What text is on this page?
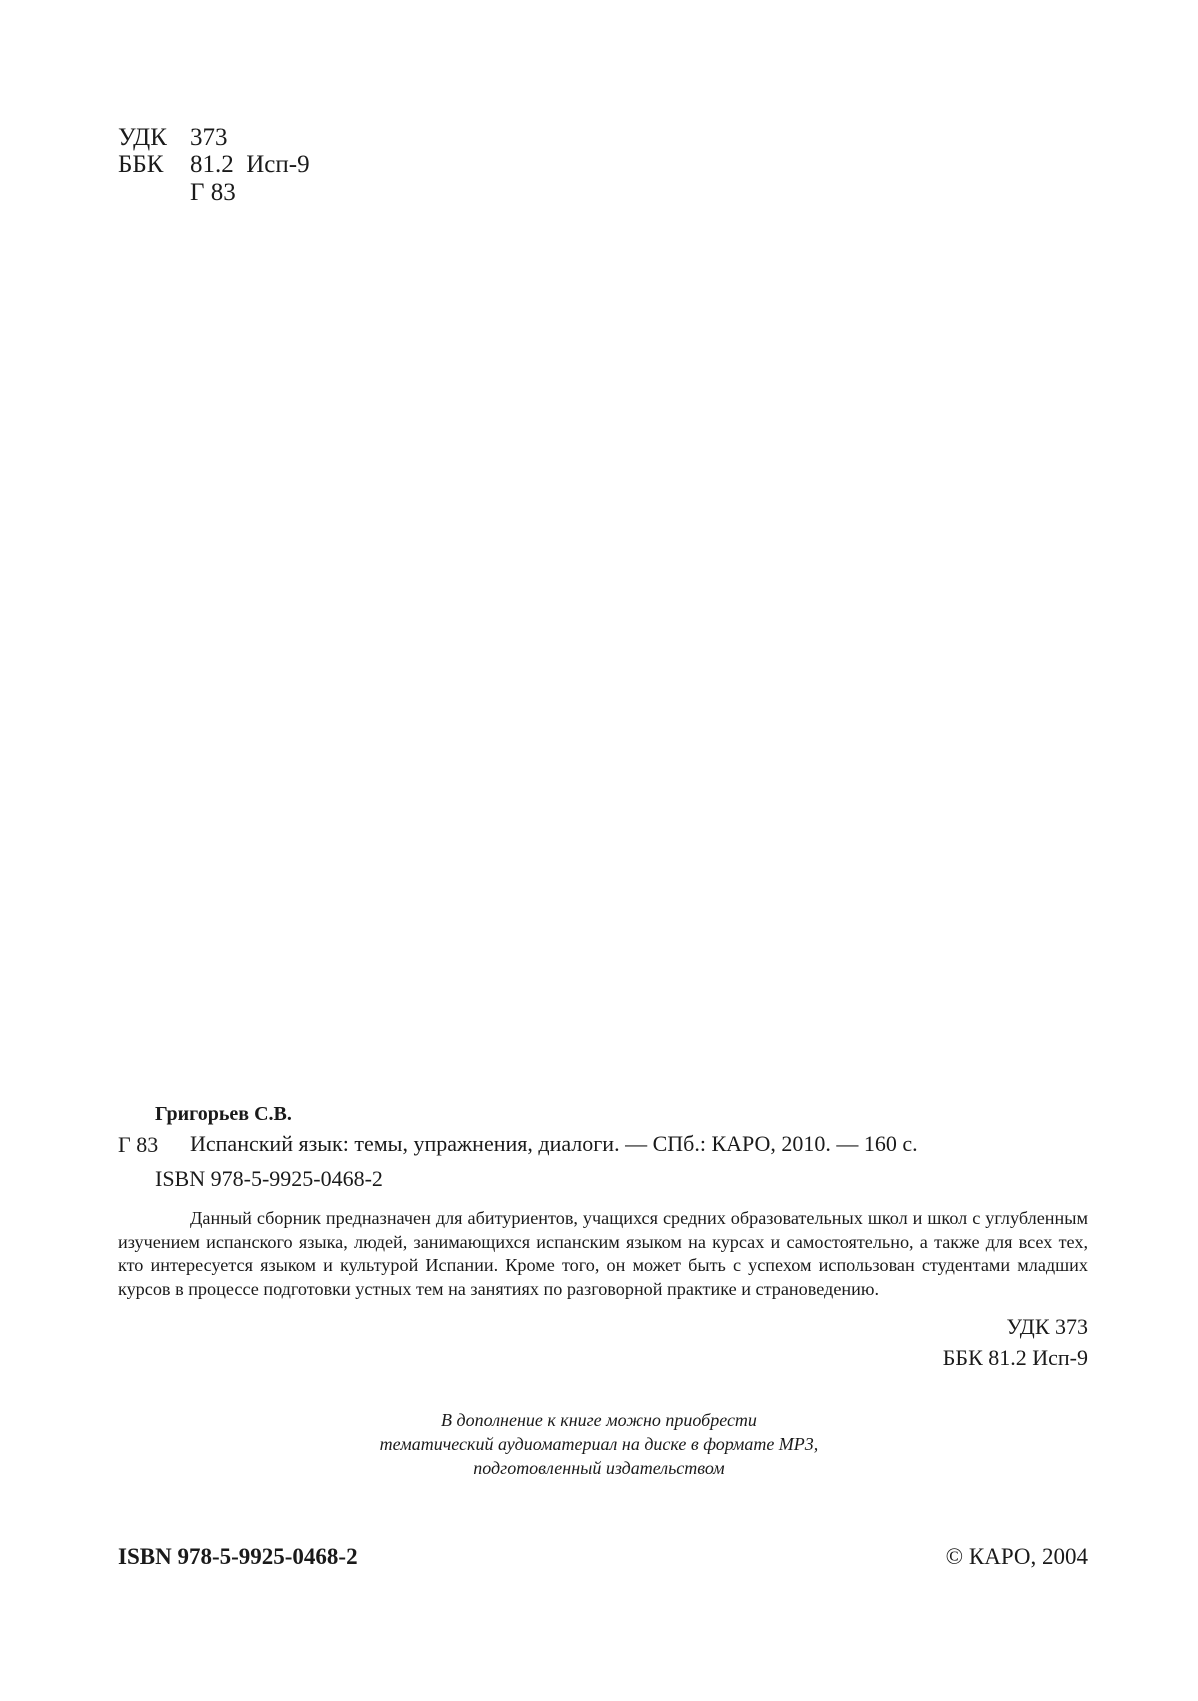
УДК 373
ББК 81.2  Исп-9
Г 83
Григорьев С.В.
Г 83 Испанский язык: темы, упражнения, диалоги. — СПб.: КАРО, 2010. — 160 с.
ISBN 978-5-9925-0468-2
Данный сборник предназначен для абитуриентов, учащихся средних образовательных школ и школ с углубленным изучением испанского языка, людей, занимающихся испанским языком на курсах и самостоятельно, а также для всех тех, кто интересуется языком и культурой Испании. Кроме того, он может быть с успехом использован студентами младших курсов в процессе подготовки устных тем на занятиях по разговорной практике и страноведению.
УДК 373
ББК 81.2 Исп-9
В дополнение к книге можно приобрести
тематический аудиоматериал на диске в формате MP3,
подготовленный издательством
ISBN 978-5-9925-0468-2	© КАРО, 2004
